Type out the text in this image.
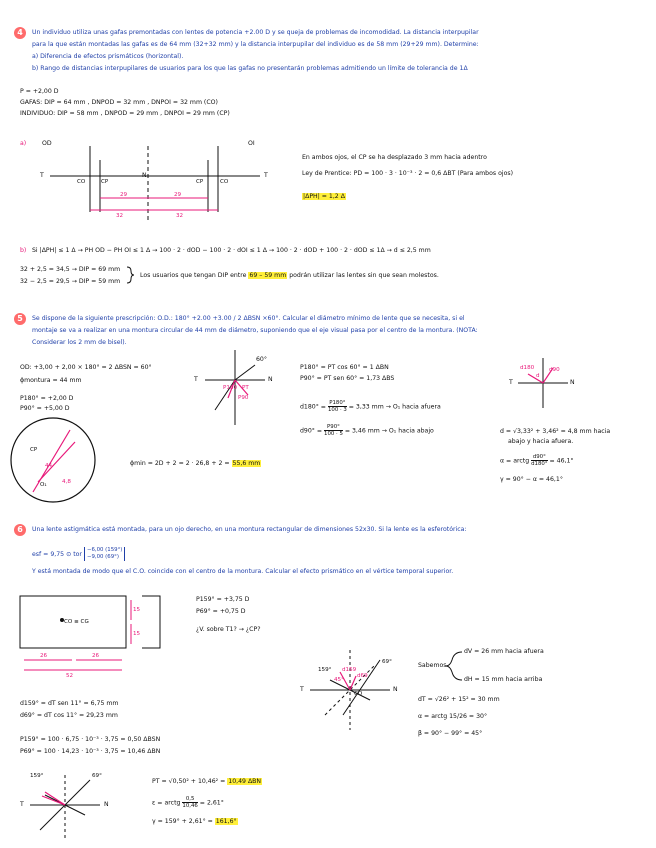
4	Un individuo utiliza unas gafas premontadas con lentes de potencia +2.00 D y se queja de problemas de incomodidad. La distancia interpupilar
para la que están montadas las gafas es de 64 mm (32+32 mm) y la distancia interpupilar del individuo es de 58 mm (29+29 mm). Determine:
a) Diferencia de efectos prismáticos (horizontal).
b) Rango de distancias interpupilares de usuarios para los que las gafas no presentarán problemas admitiendo un límite de tolerancia de 1Δ
P = +2,00 D
GAFAS: DIP = 64 mm , DNPOD = 32 mm , DNPOI = 32 mm (CO)
INDIVIDUO: DIP = 58 mm , DNPOD = 29 mm , DNPOI = 29 mm (CP)
a)	OD	OI
T	T
N
CO	CP	CP	CO
29	29
32	32
En ambos ojos, el CP se ha desplazado 3 mm hacia adentro
Ley de Prentice: PD = 100 · 3 · 10⁻³ · 2 = 0,6 ΔBT (Para ambos ojos)
|ΔPH| = 1,2 Δ
b) Si |ΔPH| ≤ 1 Δ → PH OD − PH OI ≤ 1 Δ → 100 · 2 · dOD − 100 · 2 · dOI ≤ 1 Δ → 100 · 2 · dOD + 100 · 2 · dOD ≤ 1Δ → d ≤ 2,5 mm
32 + 2,5 = 34,5 → DIP = 69 mm
32 − 2,5 = 29,5 → DIP = 59 mm
Los usuarios que tengan DIP entre 69 – 59 mm podrán utilizar las lentes sin que sean molestos.
5	Se dispone de la siguiente prescripción: O.D.: 180° +2.00 +3.00 / 2 ΔBSN ×60°. Calcular el diámetro mínimo de lente que se necesita, si el
montaje se va a realizar en una montura circular de 44 mm de diámetro, suponiendo que el eje visual pasa por el centro de la montura. (NOTA:
Considerar los 2 mm de bisel).
OD: +3,00 + 2,00 × 180° = 2 ΔBSN = 60°
ϕmontura = 44 mm
P180° = +2,00 D
P90° = +5,00 D
60°
T	N
P180
P90
PT
P180° = PT cos 60° = 1 ΔBN
P90° = PT sen 60° = 1,73 ΔBS
$d180^\circ = \frac{P180^\circ}{100 \cdot 3} = 3,33$ mm → O₁ hacia afuera
$d90^\circ = \frac{P90^\circ}{100 \cdot 5} = 3,46$ mm → O₁ hacia abajo
d180	d90
d
T	N
d = √3,33² + 3,46² = 4,8 mm hacia
abajo y hacia afuera.
α = arctg $\frac{d90^\circ}{d180^\circ} = 46,1^\circ$
γ = 90° − α = 46,1°
CP
O₁
44
4,8
ϕmin = 2D + 2 = 2 · 26,8 + 2 = 55,6 mm
6	Una lente astigmática está montada, para un ojo derecho, en una montura rectangular de dimensiones 52x30. Si la lente es la esferotórica:
esf = 9,75 ⊙ tor
−6,00 (159°)
−9,00 (69°)
Y está montada de modo que el C.O. coincide con el centro de la montura. Calcular el efecto prismático en el vértice temporal superior.
CO ≡ CG
15
15
26	26
52
P159° = +3,75 D
P69° = +0,75 D
¿V. sobre T1? → ¿CP?
159°
69°
45°
d159
d69
T	N
CO
Sabemos
dV = 26 mm hacia afuera
dH = 15 mm hacia arriba
dT = √26² + 15² = 30 mm
α = arctg 15/26 = 30°
β = 90° − 99° = 45°
d159° = dT sen 11° = 6,75 mm
d69° = dT cos 11° = 29,23 mm
P159° = 100 · 6,75 · 10⁻³ · 3,75 = 0,50 ΔBSN
P69° = 100 · 14,23 · 10⁻³ · 3,75 = 10,46 ΔBN
159°	69°
T	N
PT = √0,50² + 10,46² = 10,49 ΔBN
ε = arctg $\frac{0,5}{10,46} = 2,61^\circ$
γ = 159° + 2,61° = 161,6°
